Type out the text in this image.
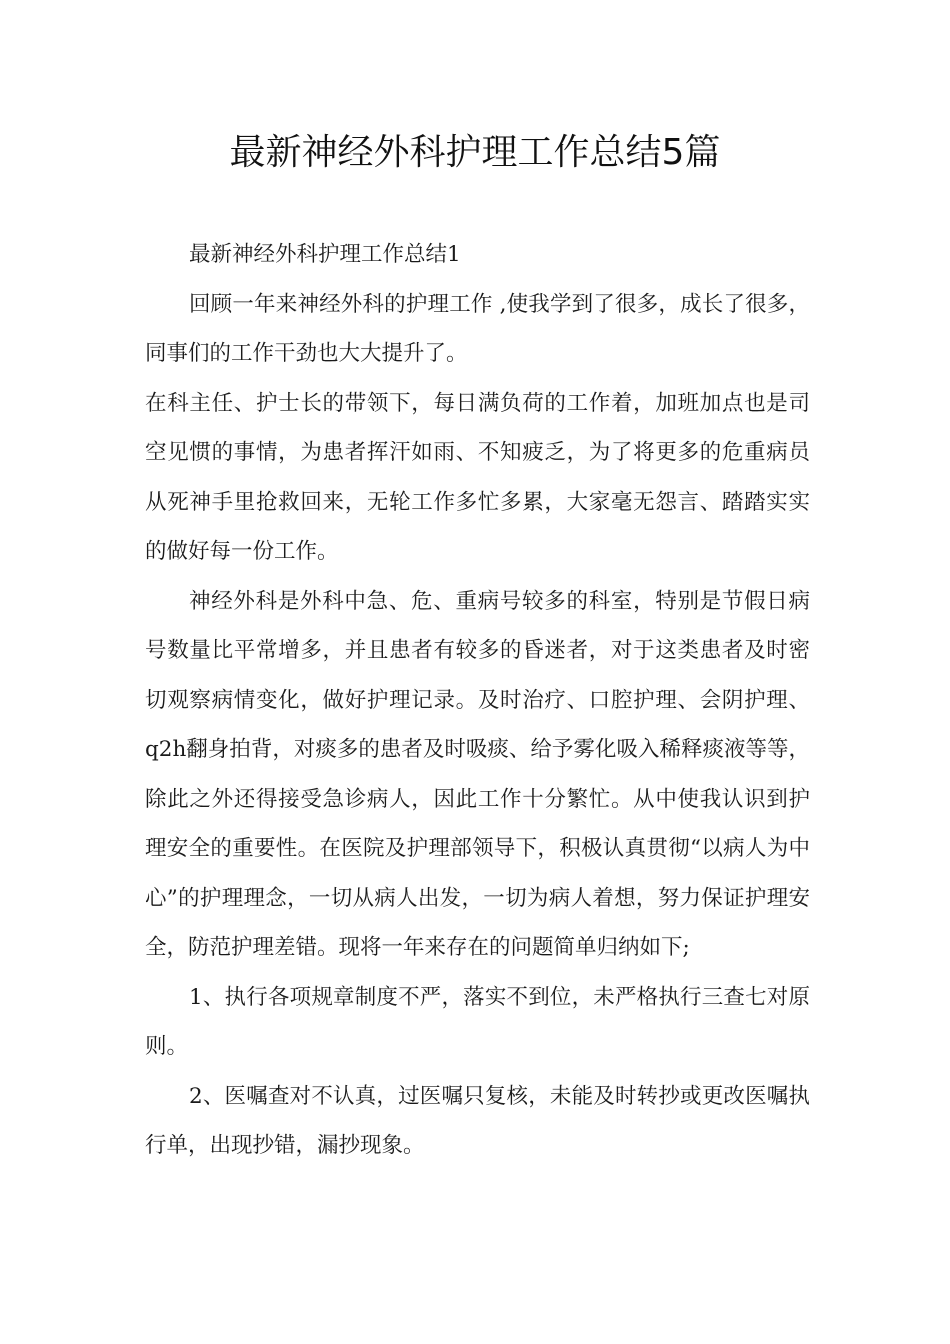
最新神经外科护理工作总结5篇

最新神经外科护理工作总结1

回顾一年来神经外科的护理工作 ,使我学到了很多，成长了很多，同事们的工作干劲也大大提升了。

在科主任、护士长的带领下，每日满负荷的工作着，加班加点也是司空见惯的事情，为患者挥汗如雨、不知疲乏，为了将更多的危重病员从死神手里抢救回来，无轮工作多忙多累，大家毫无怨言、踏踏实实的做好每一份工作。

神经外科是外科中急、危、重病号较多的科室，特别是节假日病号数量比平常增多，并且患者有较多的昏迷者，对于这类患者及时密切观察病情变化，做好护理记录。及时治疗、口腔护理、会阴护理、q2h翻身拍背，对痰多的患者及时吸痰、给予雾化吸入稀释痰液等等，除此之外还得接受急诊病人，因此工作十分繁忙。从中使我认识到护理安全的重要性。在医院及护理部领导下，积极认真贯彻“以病人为中心”的护理理念，一切从病人出发，一切为病人着想，努力保证护理安全，防范护理差错。现将一年来存在的问题简单归纳如下;

1、执行各项规章制度不严，落实不到位，未严格执行三查七对原则。

2、医嘱查对不认真，过医嘱只复核，未能及时转抄或更改医嘱执行单，出现抄错，漏抄现象。
